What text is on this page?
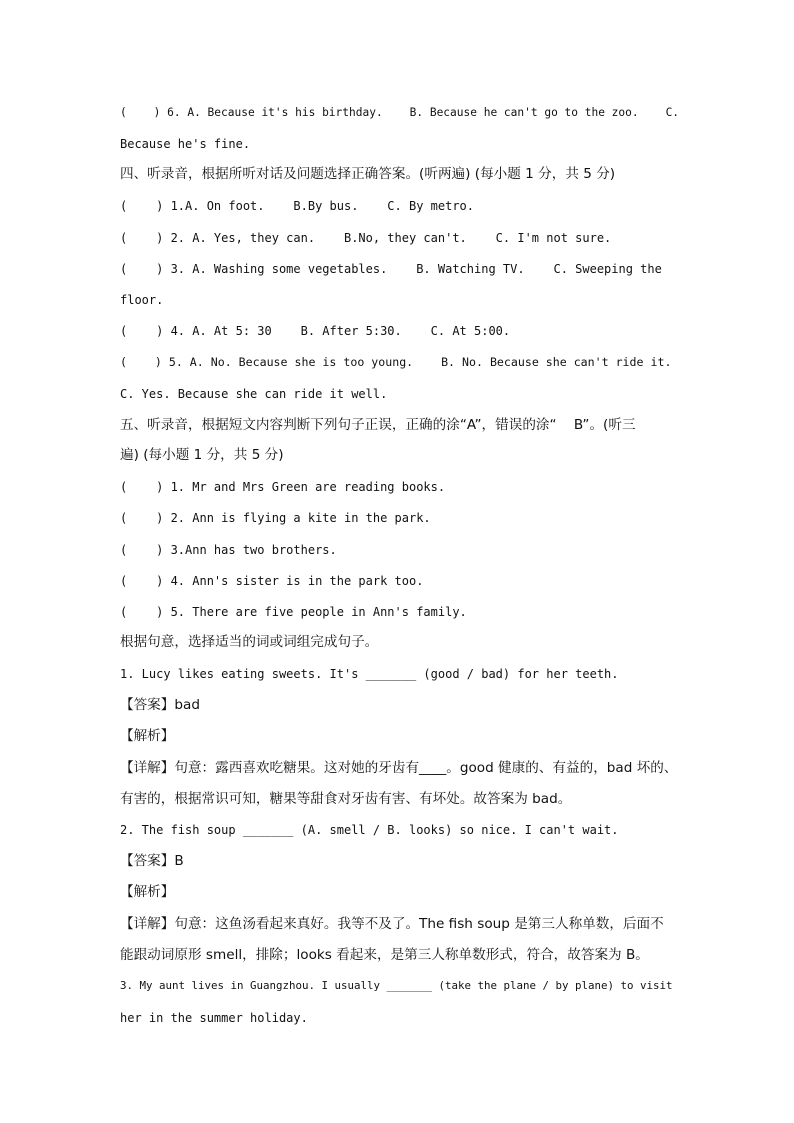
(    ) 6. A. Because it's his birthday.    B. Because he can't go to the zoo.    C.
Because he's fine.
四、听录音，根据所听对话及问题选择正确答案。(听两遍) (每小题 1 分，共 5 分)
(    ) 1.A. On foot.    B.By bus.    C. By metro.
(    ) 2. A. Yes, they can.    B.No, they can't.    C. I'm not sure.
(    ) 3. A. Washing some vegetables.    B. Watching TV.    C. Sweeping the
floor.
(    ) 4. A. At 5: 30    B. After 5:30.    C. At 5:00.
(    ) 5. A. No. Because she is too young.    B. No. Because she can't ride it.
C. Yes. Because she can ride it well.
五、听录音，根据短文内容判断下列句子正误，正确的涂“A”，错误的涂“    B”。(听三
遍) (每小题 1 分，共 5 分)
(    ) 1. Mr and Mrs Green are reading books.
(    ) 2. Ann is flying a kite in the park.
(    ) 3.Ann has two brothers.
(    ) 4. Ann's sister is in the park too.
(    ) 5. There are five people in Ann's family.
根据句意，选择适当的词或词组完成句子。
1. Lucy likes eating sweets. It's _______ (good / bad) for her teeth.
【答案】bad
【解析】
【详解】句意：露西喜欢吃糖果。这对她的牙齿有____。good 健康的、有益的，bad 坏的、
有害的，根据常识可知，糖果等甜食对牙齿有害、有坏处。故答案为 bad。
2. The fish soup _______ (A. smell / B. looks) so nice. I can't wait.
【答案】B
【解析】
【详解】句意：这鱼汤看起来真好。我等不及了。The fish soup 是第三人称单数，后面不
能跟动词原形 smell，排除；looks 看起来，是第三人称单数形式，符合，故答案为 B。
3. My aunt lives in Guangzhou. I usually _______ (take the plane / by plane) to visit
her in the summer holiday.
